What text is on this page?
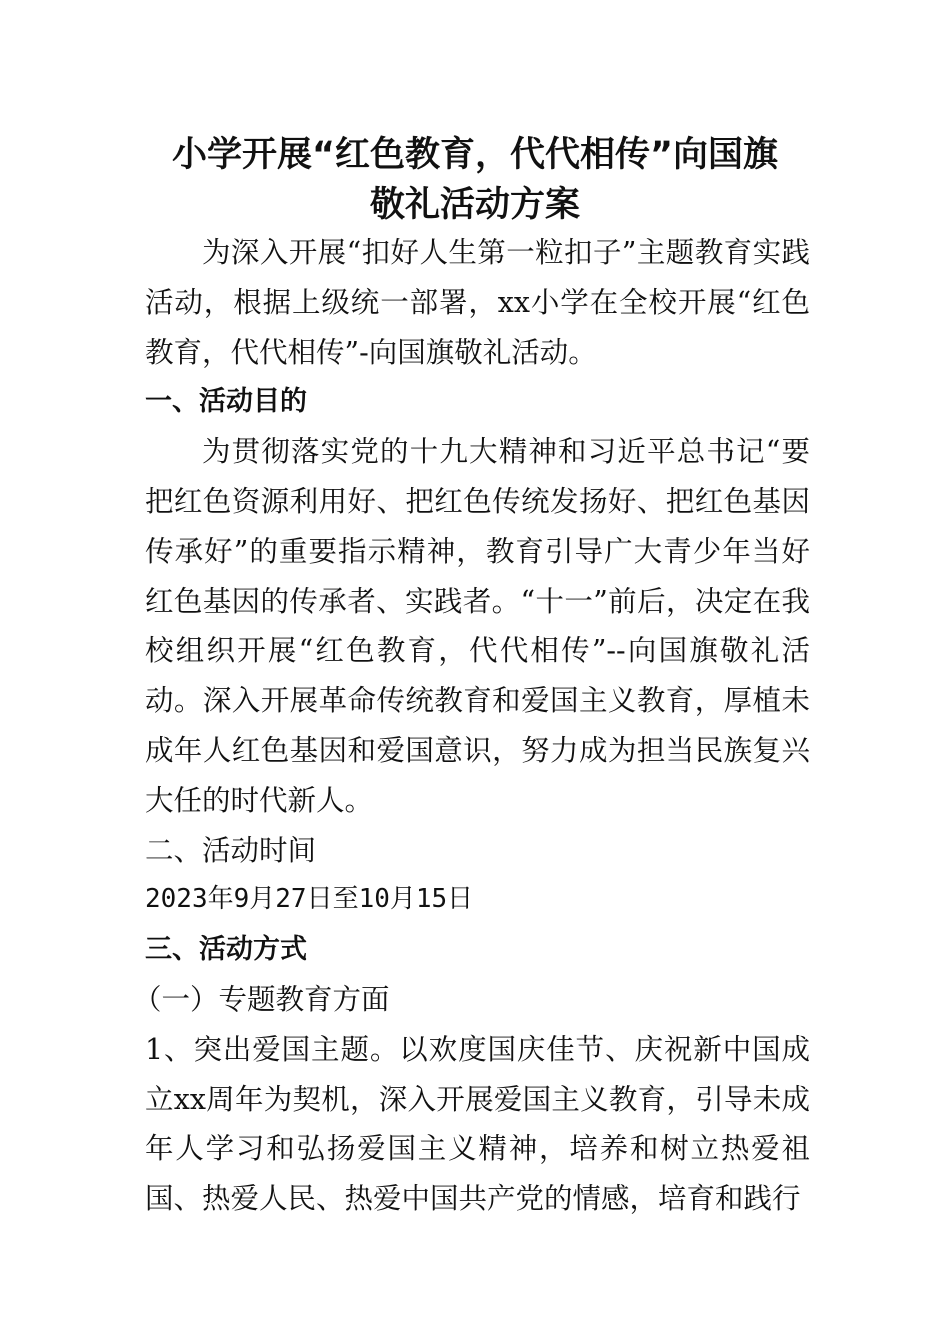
小学开展“红色教育，代代相传”向国旗
敬礼活动方案

为深入开展“扣好人生第一粒扣子”主题教育实践活动，根据上级统一部署，xx小学在全校开展“红色教育，代代相传”-向国旗敬礼活动。

一、活动目的

为贯彻落实党的十九大精神和习近平总书记“要把红色资源利用好、把红色传统发扬好、把红色基因传承好”的重要指示精神，教育引导广大青少年当好红色基因的传承者、实践者。“十一”前后，决定在我校组织开展“红色教育，代代相传”--向国旗敬礼活动。深入开展革命传统教育和爱国主义教育，厚植未成年人红色基因和爱国意识，努力成为担当民族复兴大任的时代新人。

二、活动时间

2023年9月27日至10月15日

三、活动方式

（一）专题教育方面

1、突出爱国主题。以欢度国庆佳节、庆祝新中国成立xx周年为契机，深入开展爱国主义教育，引导未成年人学习和弘扬爱国主义精神，培养和树立热爱祖国、热爱人民、热爱中国共产党的情感，培育和践行
